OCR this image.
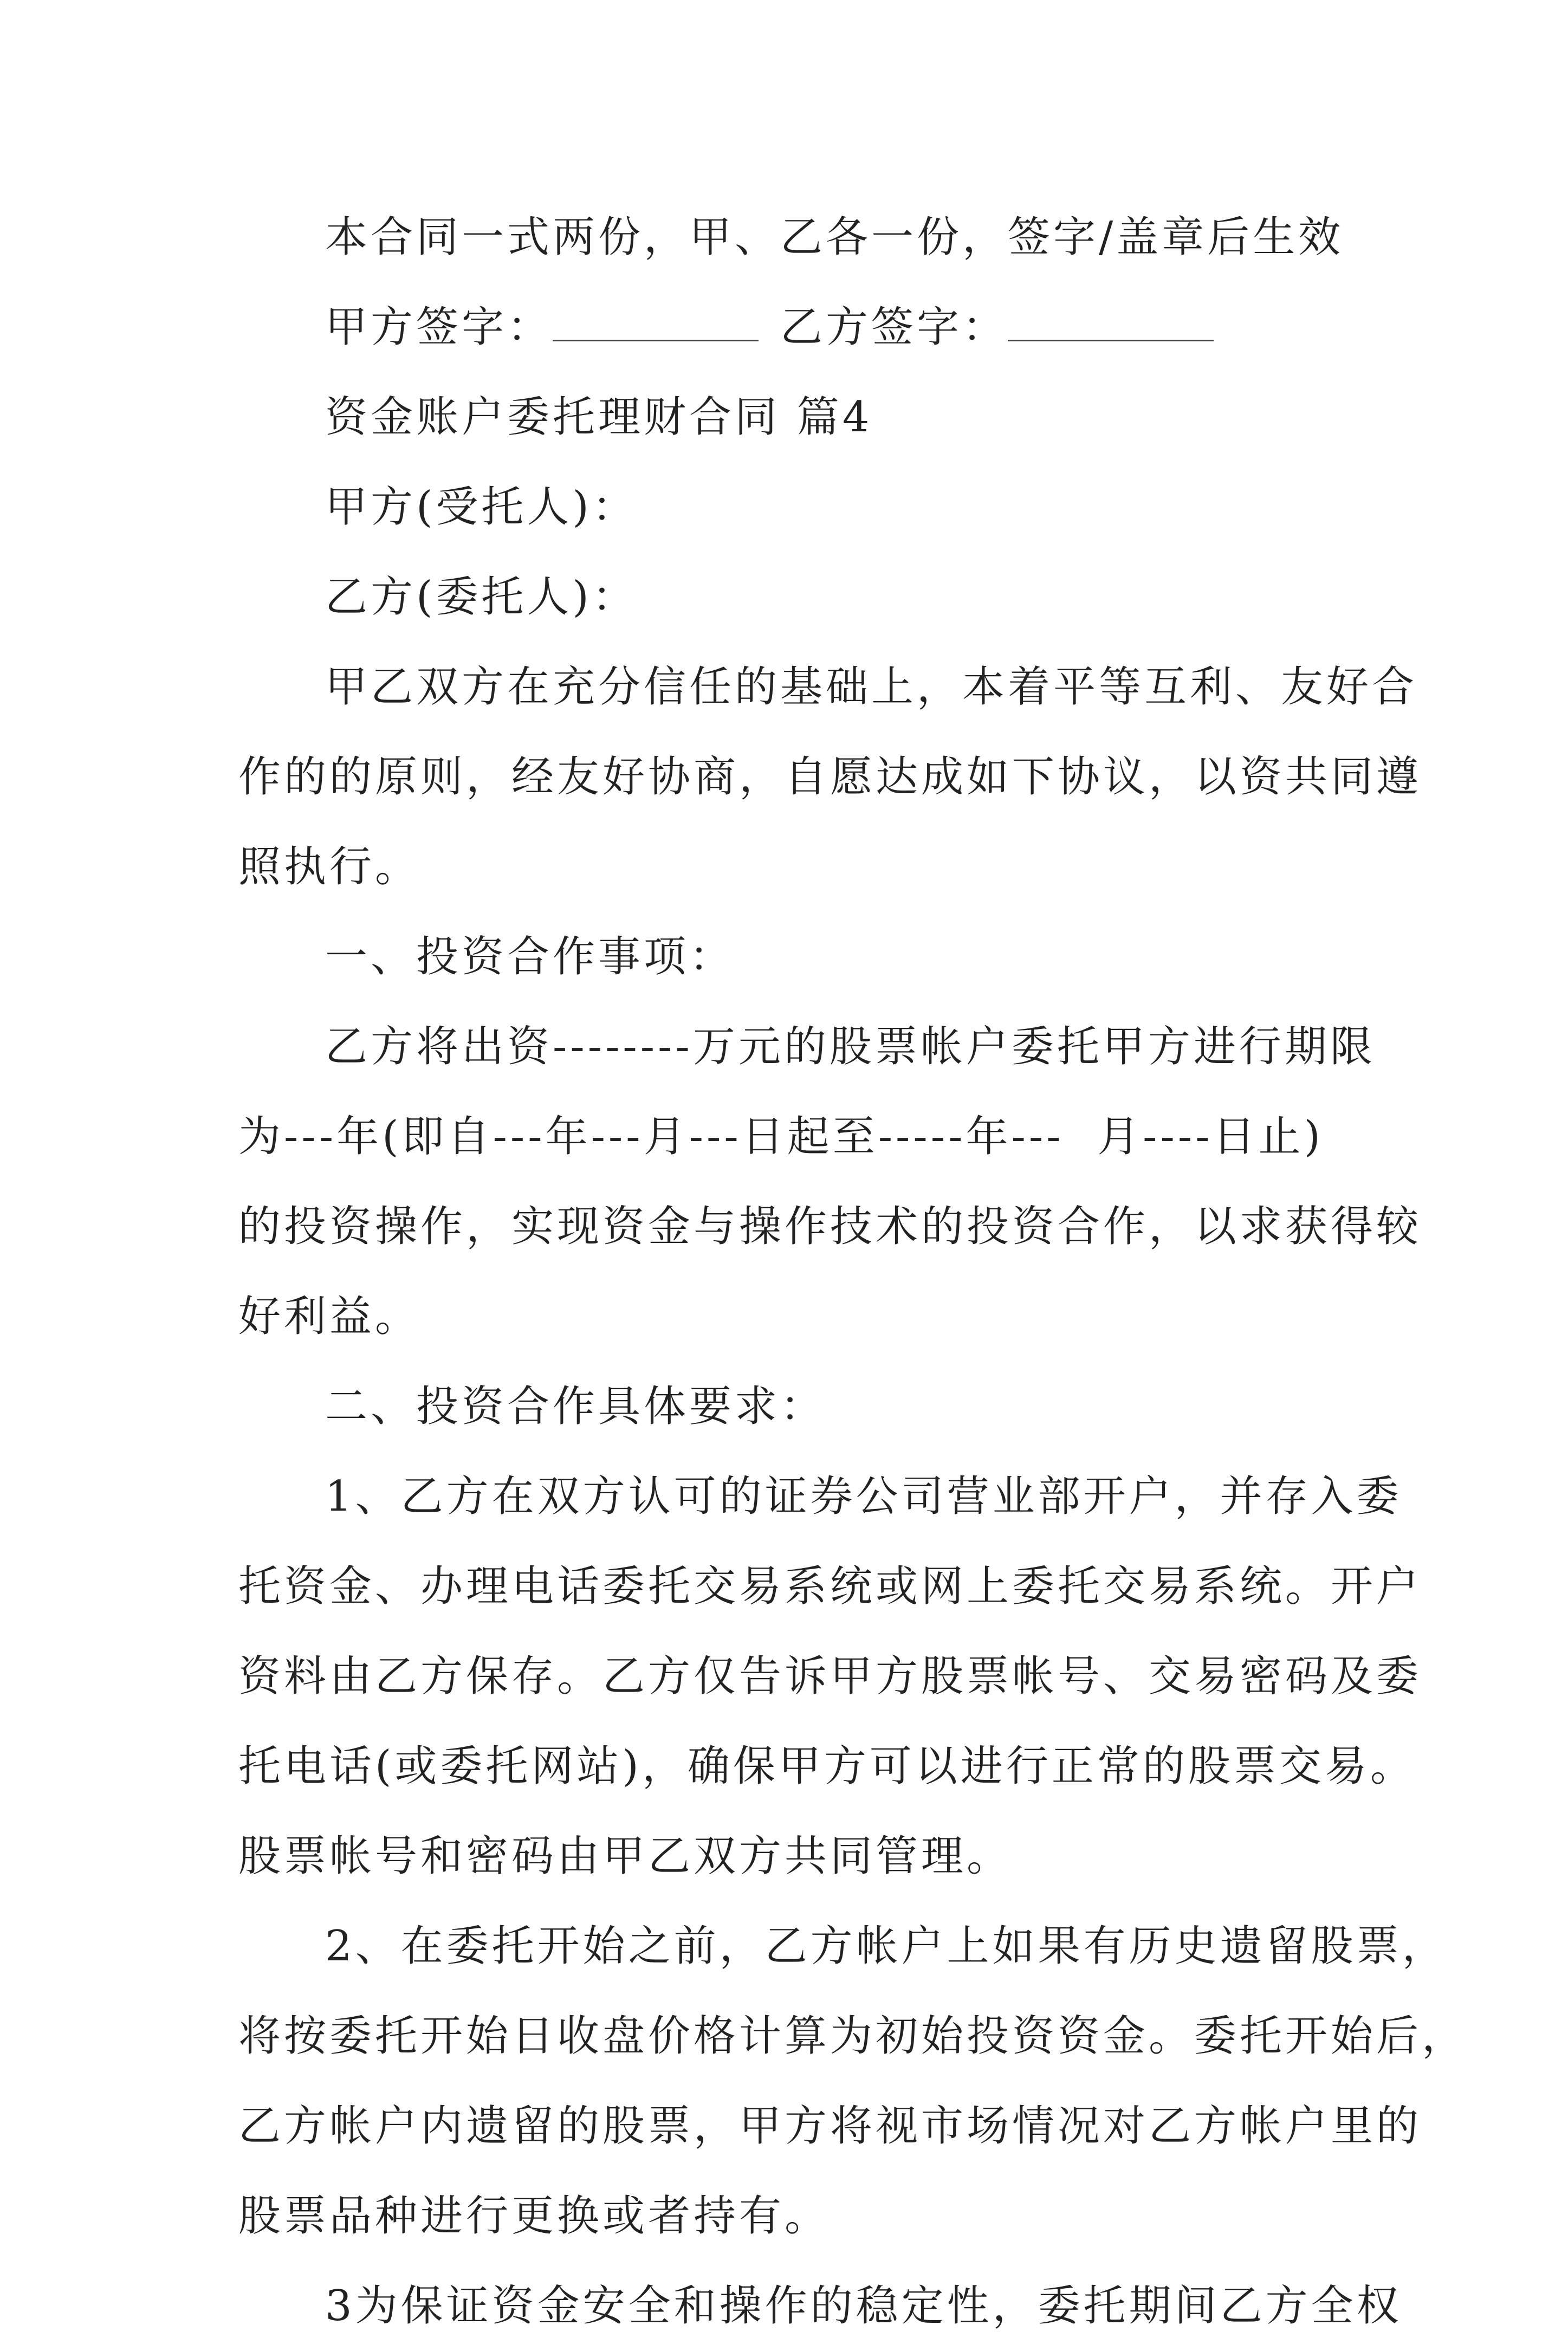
本合同一式两份，甲、乙各一份，签字/盖章后生效
甲方签字：	乙方签字：
资金账户委托理财合同 篇4
甲方(受托人)：
乙方(委托人)：
甲乙双方在充分信任的基础上，本着平等互利、友好合
作的的原则，经友好协商，自愿达成如下协议，以资共同遵
照执行。
一、投资合作事项：
乙方将出资--------万元的股票帐户委托甲方进行期限
为---年(即自---年---月---日起至-----年---  月----日止)
的投资操作，实现资金与操作技术的投资合作，以求获得较
好利益。
二、投资合作具体要求：
1、乙方在双方认可的证券公司营业部开户，并存入委
托资金、办理电话委托交易系统或网上委托交易系统。开户
资料由乙方保存。乙方仅告诉甲方股票帐号、交易密码及委
托电话(或委托网站)，确保甲方可以进行正常的股票交易。
股票帐号和密码由甲乙双方共同管理。
2、在委托开始之前，乙方帐户上如果有历史遗留股票，
将按委托开始日收盘价格计算为初始投资资金。委托开始后，
乙方帐户内遗留的股票，甲方将视市场情况对乙方帐户里的
股票品种进行更换或者持有。
3为保证资金安全和操作的稳定性，委托期间乙方全权
